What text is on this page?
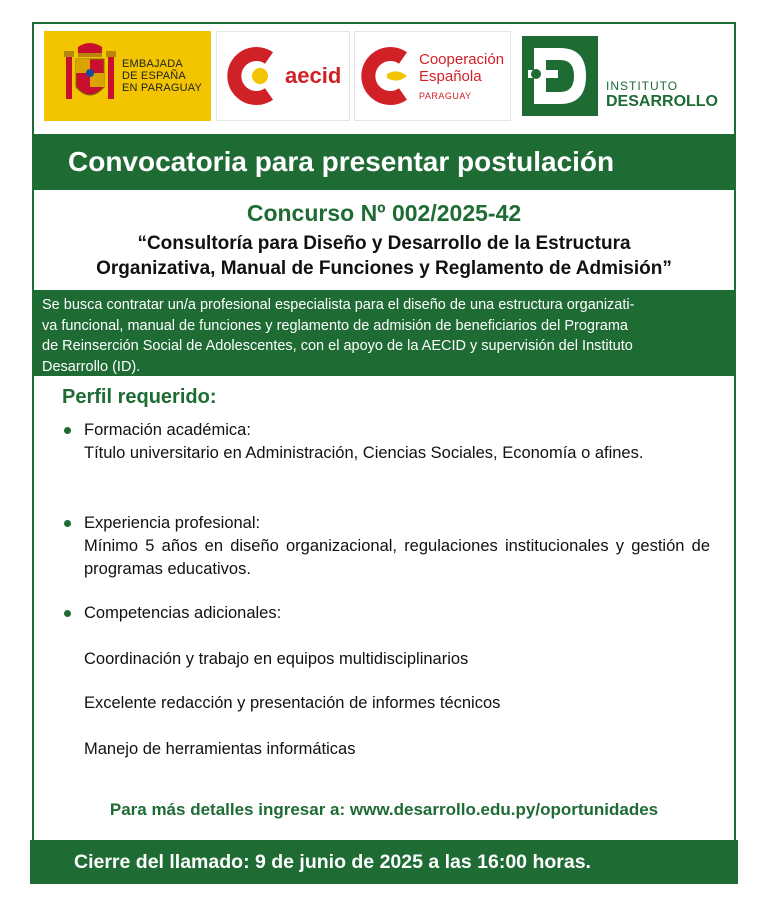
EMBAJADA
DE ESPAÑA
EN PARAGUAY	aecid
Cooperación
Española
PARAGUAY
INSTITUTO
DESARROLLO
Convocatoria para presentar postulación
Concurso Nº 002/2025-42
“Consultoría para Diseño y Desarrollo de la Estructura
Organizativa, Manual de Funciones y Reglamento de Admisión”
Se busca contratar un/a profesional especialista para el diseño de una estructura organizati-
va funcional, manual de funciones y reglamento de admisión de beneficiarios del Programa
de Reinserción Social de Adolescentes, con el apoyo de la AECID y supervisión del Instituto
Desarrollo (ID).
Perfil requerido:
Formación académica:
Título universitario en Administración, Ciencias Sociales, Economía o afines.
Experiencia profesional:
Mínimo 5 años en diseño organizacional, regulaciones institucionales y gestión de programas educativos.
Competencias adicionales:
Coordinación y trabajo en equipos multidisciplinarios
Excelente redacción y presentación de informes técnicos
Manejo de herramientas informáticas
Para más detalles ingresar a: www.desarrollo.edu.py/oportunidades
Cierre del llamado: 9 de junio de 2025 a las 16:00 horas.
